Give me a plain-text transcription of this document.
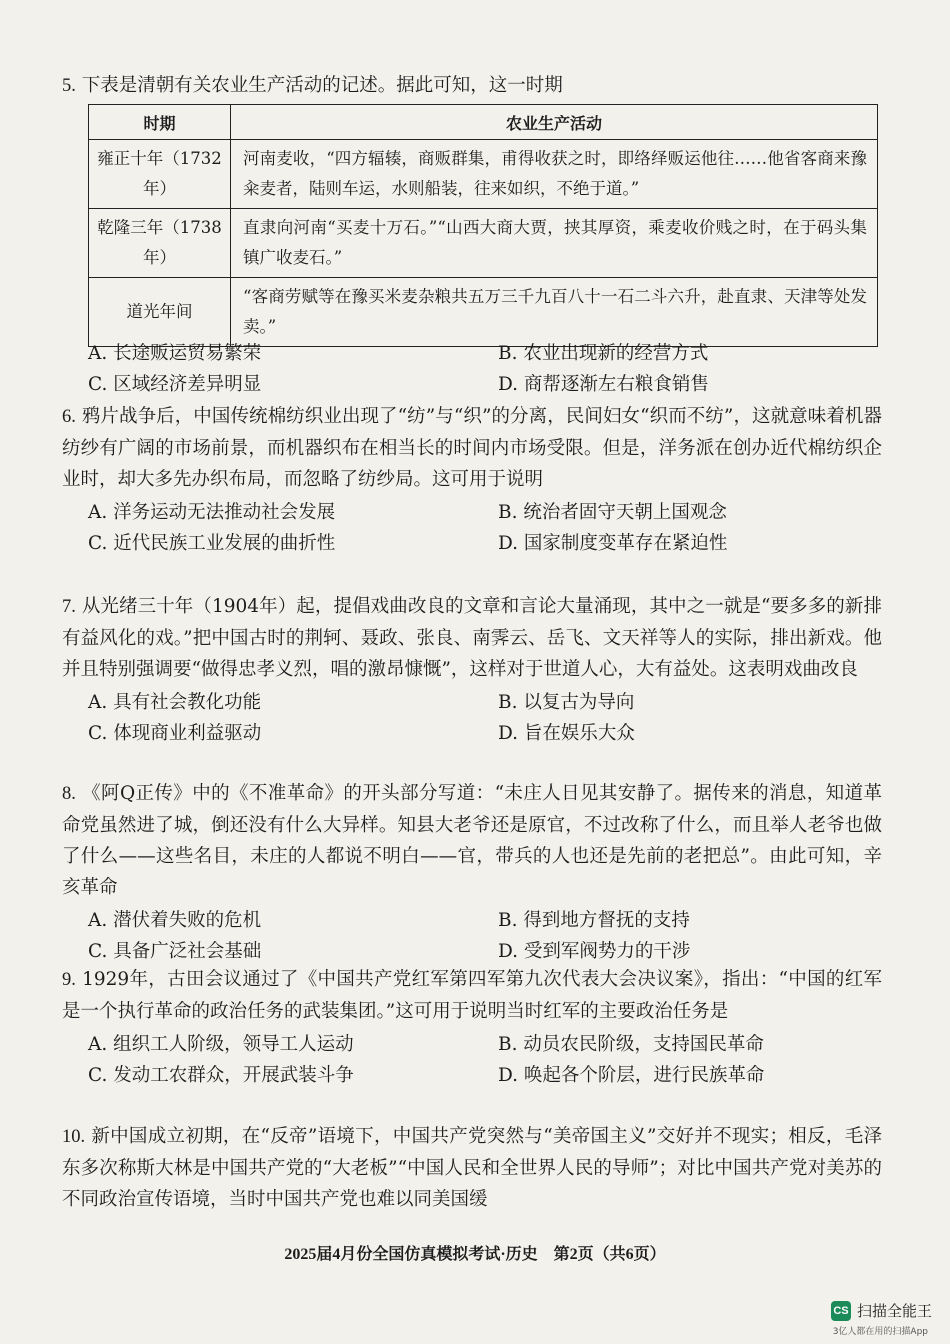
5. 下表是清朝有关农业生产活动的记述。据此可知，这一时期
时期	农业生产活动
雍正十年（1732年）	河南麦收，“四方辐辏，商贩群集，甫得收获之时，即络绎贩运他往……他省客商来豫籴麦者，陆则车运，水则船装，往来如织，不绝于道。”
乾隆三年（1738年）	直隶向河南“买麦十万石。”“山西大商大贾，挟其厚资，乘麦收价贱之时，在于码头集镇广收麦石。”
道光年间	“客商劳赋等在豫买米麦杂粮共五万三千九百八十一石二斗六升，赴直隶、天津等处发卖。”
A. 长途贩运贸易繁荣	B. 农业出现新的经营方式
C. 区域经济差异明显	D. 商帮逐渐左右粮食销售
6. 鸦片战争后，中国传统棉纺织业出现了“纺”与“织”的分离，民间妇女“织而不纺”，这就意味着机器纺纱有广阔的市场前景，而机器织布在相当长的时间内市场受限。但是，洋务派在创办近代棉纺织企业时，却大多先办织布局，而忽略了纺纱局。这可用于说明
A. 洋务运动无法推动社会发展	B. 统治者固守天朝上国观念
C. 近代民族工业发展的曲折性	D. 国家制度变革存在紧迫性
7. 从光绪三十年（1904年）起，提倡戏曲改良的文章和言论大量涌现，其中之一就是“要多多的新排有益风化的戏。”把中国古时的荆轲、聂政、张良、南霁云、岳飞、文天祥等人的实际，排出新戏。他并且特别强调要“做得忠孝义烈，唱的激昂慷慨”，这样对于世道人心，大有益处。这表明戏曲改良
A. 具有社会教化功能	B. 以复古为导向
C. 体现商业利益驱动	D. 旨在娱乐大众
8. 《阿Q正传》中的《不准革命》的开头部分写道：“未庄人日见其安静了。据传来的消息，知道革命党虽然进了城，倒还没有什么大异样。知县大老爷还是原官，不过改称了什么，而且举人老爷也做了什么——这些名目，未庄的人都说不明白——官，带兵的人也还是先前的老把总”。由此可知，辛亥革命
A. 潜伏着失败的危机	B. 得到地方督抚的支持
C. 具备广泛社会基础	D. 受到军阀势力的干涉
9. 1929年，古田会议通过了《中国共产党红军第四军第九次代表大会决议案》，指出：“中国的红军是一个执行革命的政治任务的武装集团。”这可用于说明当时红军的主要政治任务是
A. 组织工人阶级，领导工人运动	B. 动员农民阶级，支持国民革命
C. 发动工农群众，开展武装斗争	D. 唤起各个阶层，进行民族革命
10. 新中国成立初期，在“反帝”语境下，中国共产党突然与“美帝国主义”交好并不现实；相反，毛泽东多次称斯大林是中国共产党的“大老板”“中国人民和全世界人民的导师”；对比中国共产党对美苏的不同政治宣传语境，当时中国共产党也难以同美国缓
2025届4月份全国仿真模拟考试·历史　第2页（共6页）
CS 扫描全能王
3亿人都在用的扫描App
